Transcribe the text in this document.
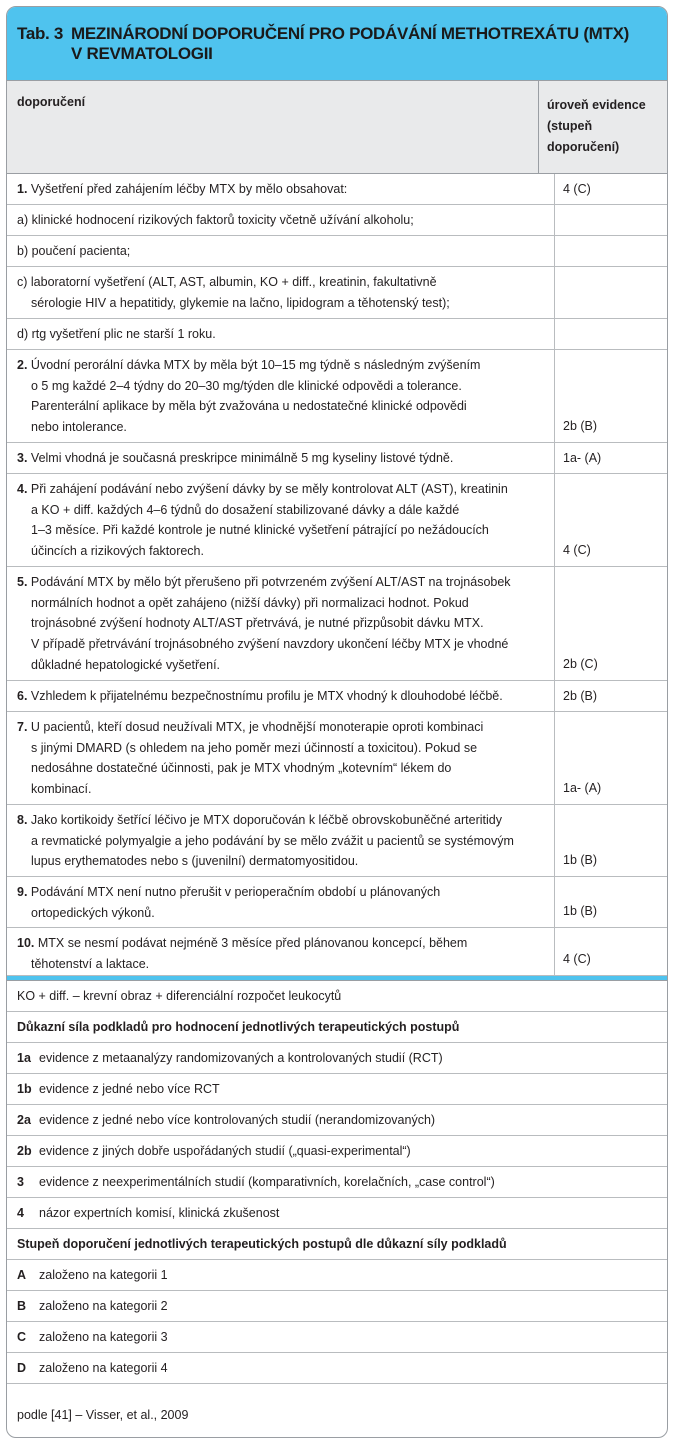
Tab. 3 MEZINÁRODNÍ DOPORUČENÍ PRO PODÁVÁNÍ METHOTREXÁTU (MTX)
V REVMATOLOGII
doporučení	úroveň evidence
(stupeň
doporučení)
1. Vyšetření před zahájením léčby MTX by mělo obsahovat:	4 (C)
a) klinické hodnocení rizikových faktorů toxicity včetně užívání alkoholu;
b) poučení pacienta;
c) laboratorní vyšetření (ALT, AST, albumin, KO + diff., kreatinin, fakultativně
sérologie HIV a hepatitidy, glykemie na lačno, lipidogram a těhotenský test);
d) rtg vyšetření plic ne starší 1 roku.
2. Úvodní perorální dávka MTX by měla být 10–15 mg týdně s následným zvýšením
o 5 mg každé 2–4 týdny do 20–30 mg/týden dle klinické odpovědi a tolerance.
Parenterální aplikace by měla být zvažována u nedostatečné klinické odpovědi
nebo intolerance.	2b (B)
3. Velmi vhodná je současná preskripce minimálně 5 mg kyseliny listové týdně.	1a- (A)
4. Při zahájení podávání nebo zvýšení dávky by se měly kontrolovat ALT (AST), kreatinin
a KO + diff. každých 4–6 týdnů do dosažení stabilizované dávky a dále každé
1–3 měsíce. Při každé kontrole je nutné klinické vyšetření pátrající po nežádoucích
účincích a rizikových faktorech.	4 (C)
5. Podávání MTX by mělo být přerušeno při potvrzeném zvýšení ALT/AST na trojnásobek
normálních hodnot a opět zahájeno (nižší dávky) při normalizaci hodnot. Pokud
trojnásobné zvýšení hodnoty ALT/AST přetrvává, je nutné přizpůsobit dávku MTX.
V případě přetrvávání trojnásobného zvýšení navzdory ukončení léčby MTX je vhodné
důkladné hepatologické vyšetření.	2b (C)
6. Vzhledem k přijatelnému bezpečnostnímu profilu je MTX vhodný k dlouhodobé léčbě.	2b (B)
7. U pacientů, kteří dosud neužívali MTX, je vhodnější monoterapie oproti kombinaci
s jinými DMARD (s ohledem na jeho poměr mezi účinností a toxicitou). Pokud se
nedosáhne dostatečné účinnosti, pak je MTX vhodným „kotevním“ lékem do
kombinací.	1a- (A)
8. Jako kortikoidy šetřící léčivo je MTX doporučován k léčbě obrovskobuněčné arteritidy
a revmatické polymyalgie a jeho podávání by se mělo zvážit u pacientů se systémovým
lupus erythematodes nebo s (juvenilní) dermatomyositidou.	1b (B)
9. Podávání MTX není nutno přerušit v perioperačním období u plánovaných
ortopedických výkonů.	1b (B)
10. MTX se nesmí podávat nejméně 3 měsíce před plánovanou koncepcí, během
těhotenství a laktace.	4 (C)
KO + diff. – krevní obraz + diferenciální rozpočet leukocytů
Důkazní síla podkladů pro hodnocení jednotlivých terapeutických postupů
1a evidence z metaanalýzy randomizovaných a kontrolovaných studií (RCT)
1b evidence z jedné nebo více RCT
2a evidence z jedné nebo více kontrolovaných studií (nerandomizovaných)
2b evidence z jiných dobře uspořádaných studií („quasi-experimental“)
3	evidence z neexperimentálních studií (komparativních, korelačních, „case control“)
4	názor expertních komisí, klinická zkušenost
Stupeň doporučení jednotlivých terapeutických postupů dle důkazní síly podkladů
A	založeno na kategorii 1
B	založeno na kategorii 2
C	založeno na kategorii 3
D	založeno na kategorii 4
podle [41] – Visser, et al., 2009
